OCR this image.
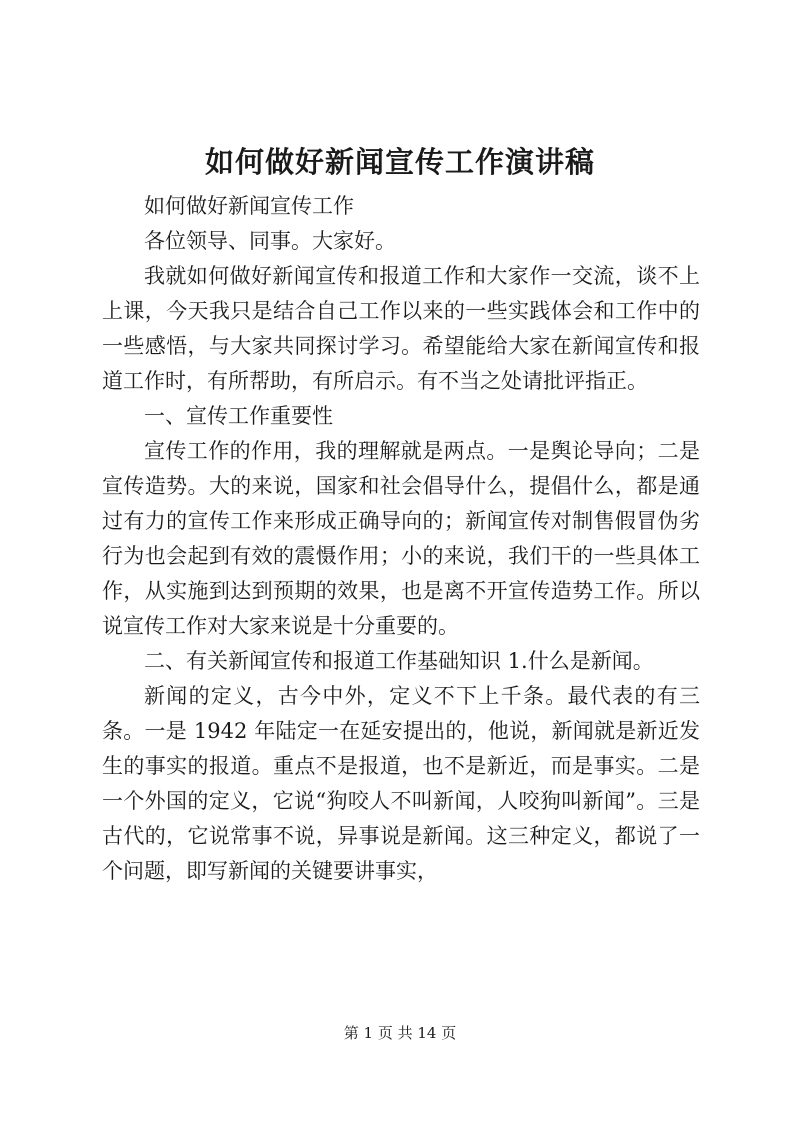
如何做好新闻宣传工作演讲稿

如何做好新闻宣传工作

各位领导、同事。大家好。

我就如何做好新闻宣传和报道工作和大家作一交流，谈不上上课，今天我只是结合自己工作以来的一些实践体会和工作中的一些感悟，与大家共同探讨学习。希望能给大家在新闻宣传和报道工作时，有所帮助，有所启示。有不当之处请批评指正。

一、宣传工作重要性

宣传工作的作用，我的理解就是两点。一是舆论导向；二是宣传造势。大的来说，国家和社会倡导什么，提倡什么，都是通过有力的宣传工作来形成正确导向的；新闻宣传对制售假冒伪劣行为也会起到有效的震慑作用；小的来说，我们干的一些具体工作，从实施到达到预期的效果，也是离不开宣传造势工作。所以说宣传工作对大家来说是十分重要的。

二、有关新闻宣传和报道工作基础知识 1.什么是新闻。

新闻的定义，古今中外，定义不下上千条。最代表的有三条。一是 1942 年陆定一在延安提出的，他说，新闻就是新近发生的事实的报道。重点不是报道，也不是新近，而是事实。二是一个外国的定义，它说“狗咬人不叫新闻，人咬狗叫新闻”。三是古代的，它说常事不说，异事说是新闻。这三种定义，都说了一个问题，即写新闻的关键要讲事实，

第 1 页 共 14 页
